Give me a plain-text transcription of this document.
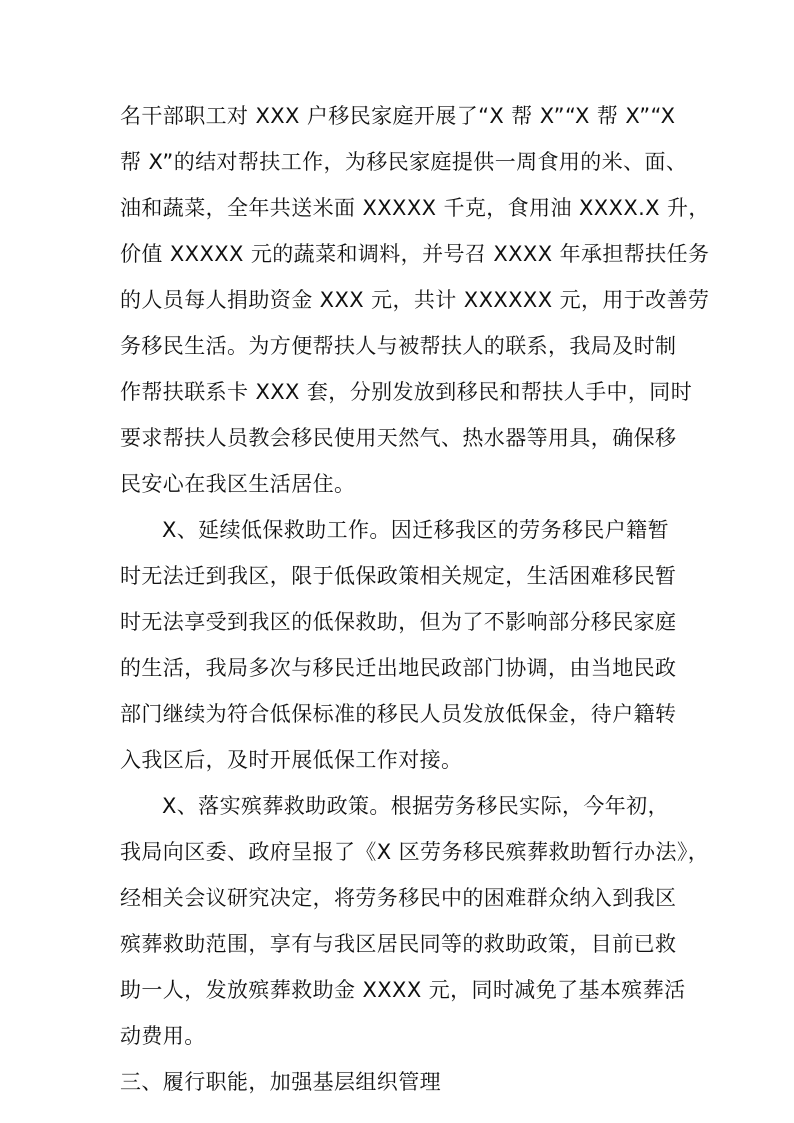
名干部职工对 XXX 户移民家庭开展了“X 帮 X”“X 帮 X”“X
帮 X”的结对帮扶工作，为移民家庭提供一周食用的米、面、
油和蔬菜，全年共送米面 XXXXX 千克，食用油 XXXX.X 升，
价值 XXXXX 元的蔬菜和调料，并号召 XXXX 年承担帮扶任务
的人员每人捐助资金 XXX 元，共计 XXXXXX 元，用于改善劳
务移民生活。为方便帮扶人与被帮扶人的联系，我局及时制
作帮扶联系卡 XXX 套，分别发放到移民和帮扶人手中，同时
要求帮扶人员教会移民使用天然气、热水器等用具，确保移
民安心在我区生活居住。
X、延续低保救助工作。因迁移我区的劳务移民户籍暂
时无法迁到我区，限于低保政策相关规定，生活困难移民暂
时无法享受到我区的低保救助，但为了不影响部分移民家庭
的生活，我局多次与移民迁出地民政部门协调，由当地民政
部门继续为符合低保标准的移民人员发放低保金，待户籍转
入我区后，及时开展低保工作对接。
X、落实殡葬救助政策。根据劳务移民实际，今年初，
我局向区委、政府呈报了《X 区劳务移民殡葬救助暂行办法》，
经相关会议研究决定，将劳务移民中的困难群众纳入到我区
殡葬救助范围，享有与我区居民同等的救助政策，目前已救
助一人，发放殡葬救助金 XXXX 元，同时减免了基本殡葬活
动费用。
三、履行职能，加强基层组织管理
